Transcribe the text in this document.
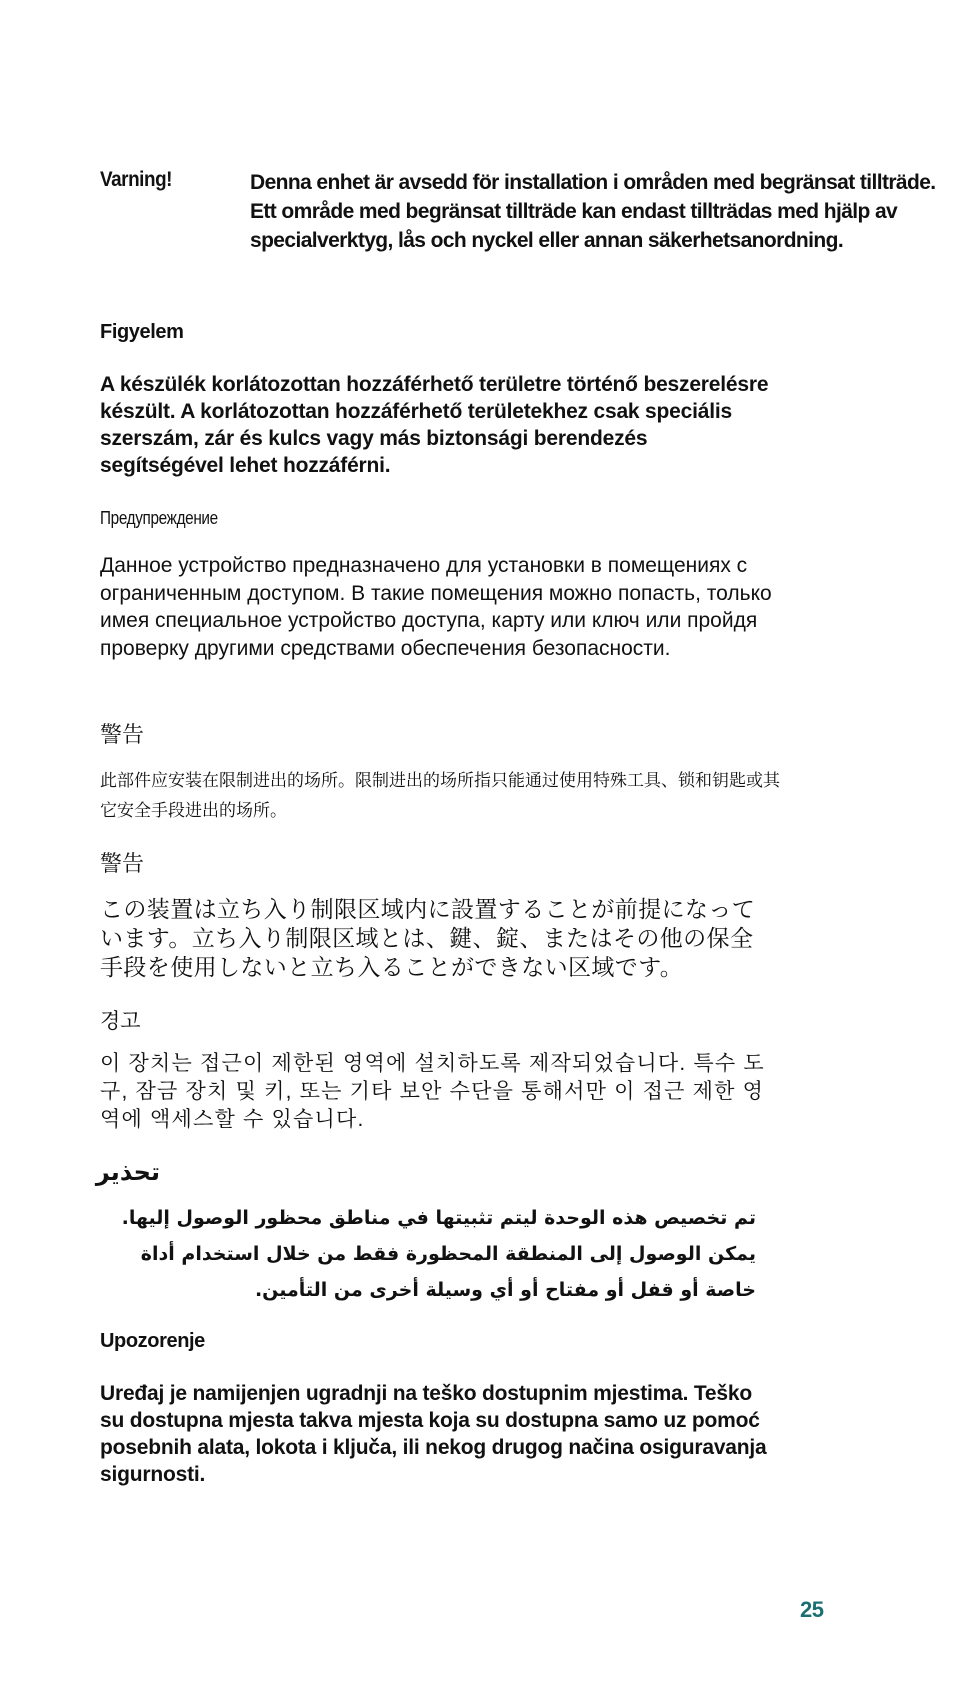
Varning!	Denna enhet är avsedd för installation i områden med begränsat tillträde. Ett område med begränsat tillträde kan endast tillträdas med hjälp av specialverktyg, lås och nyckel eller annan säkerhetsanordning.

Figyelem

A készülék korlátozottan hozzáférhető területre történő beszerelésre készült. A korlátozottan hozzáférhető területekhez csak speciális szerszám, zár és kulcs vagy más biztonsági berendezés segítségével lehet hozzáférni.

Предупреждение

Данное устройство предназначено для установки в помещениях с ограниченным доступом. В такие помещения можно попасть, только имея специальное устройство доступа, карту или ключ или пройдя проверку другими средствами обеспечения безопасности.

警告

此部件应安装在限制进出的场所。限制进出的场所指只能通过使用特殊工具、锁和钥匙或其它安全手段进出的场所。

警告

この装置は立ち入り制限区域内に設置することが前提になっています。立ち入り制限区域とは、鍵、錠、またはその他の保全手段を使用しないと立ち入ることができない区域です。

경고

이 장치는 접근이 제한된 영역에 설치하도록 제작되었습니다. 특수 도구, 잠금 장치 및 키, 또는 기타 보안 수단을 통해서만 이 접근 제한 영역에 액세스할 수 있습니다.

تحذير

تم تخصيص هذه الوحدة ليتم تثبيتها في مناطق محظور الوصول إليها. يمكن الوصول إلى المنطقة المحظورة فقط من خلال استخدام أداة خاصة أو قفل أو مفتاح أو أي وسيلة أخرى من التأمين.

Upozorenje

Uređaj je namijenjen ugradnji na teško dostupnim mjestima. Teško su dostupna mjesta takva mjesta koja su dostupna samo uz pomoć posebnih alata, lokota i ključa, ili nekog drugog načina osiguravanja sigurnosti.

25
